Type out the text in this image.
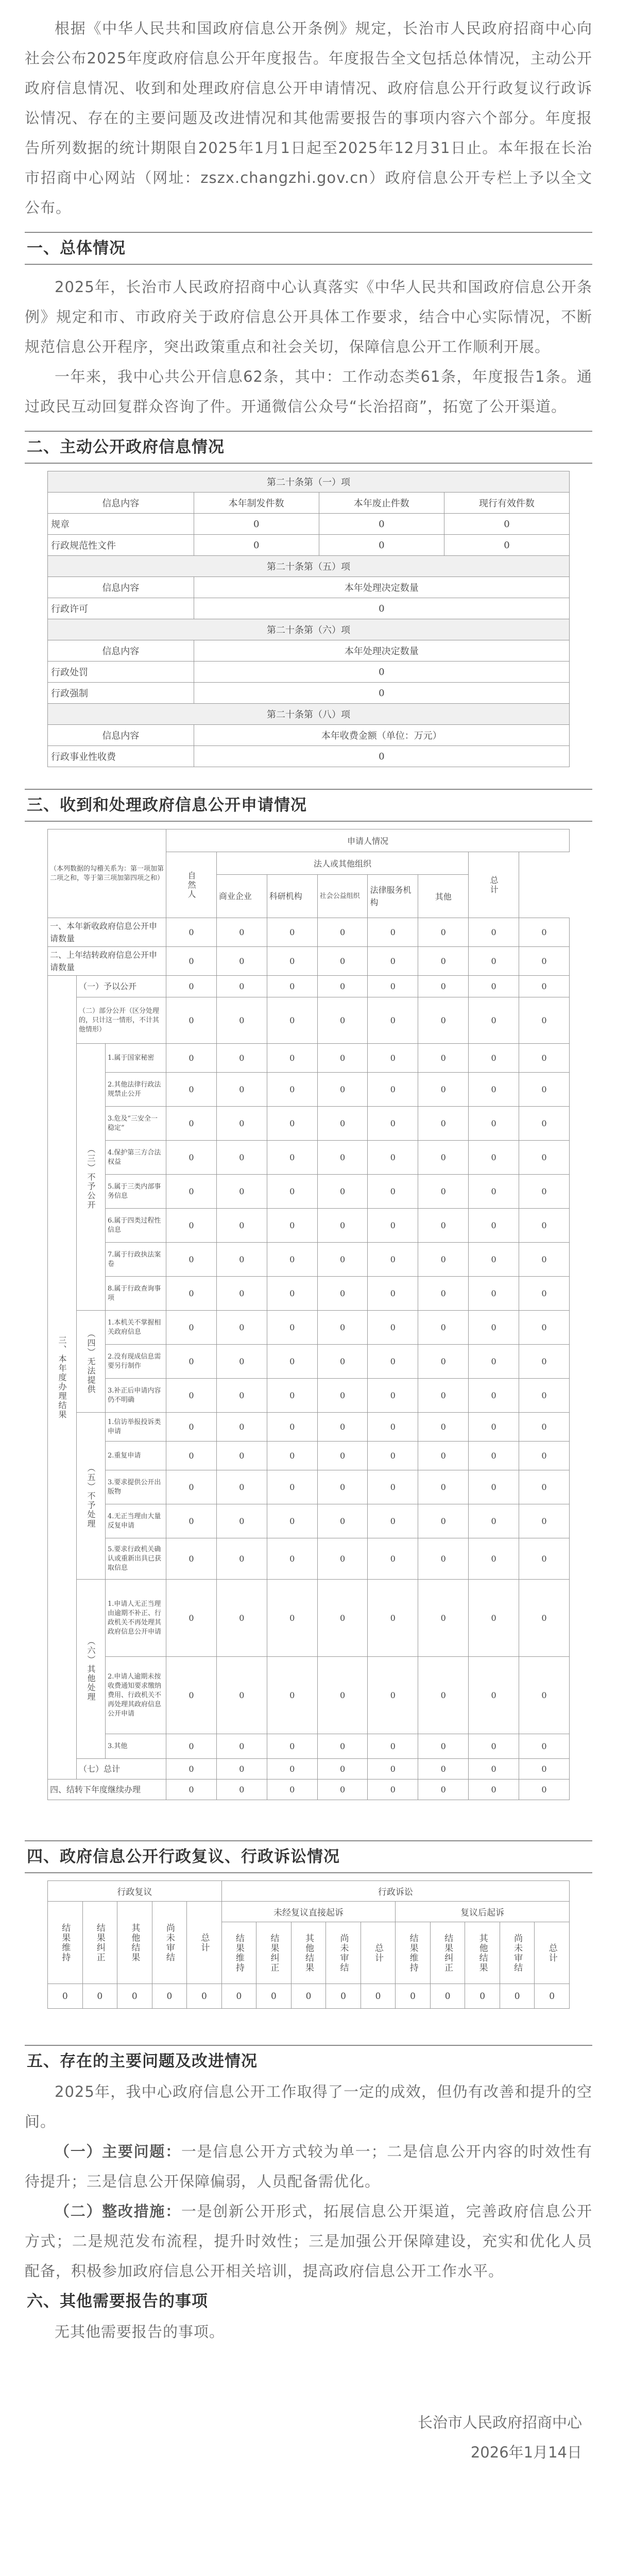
根据《中华人民共和国政府信息公开条例》规定，长治市人民政府招商中心向社会公布2025年度政府信息公开年度报告。年度报告全文包括总体情况，主动公开政府信息情况、收到和处理政府信息公开申请情况、政府信息公开行政复议行政诉讼情况、存在的主要问题及改进情况和其他需要报告的事项内容六个部分。年度报告所列数据的统计期限自2025年1月1日起至2025年12月31日止。本年报在长治市招商中心网站（网址：zszx.changzhi.gov.cn）政府信息公开专栏上予以全文公布。

一、总体情况

2025年，长治市人民政府招商中心认真落实《中华人民共和国政府信息公开条例》规定和市、市政府关于政府信息公开具体工作要求，结合中心实际情况，不断规范信息公开程序，突出政策重点和社会关切，保障信息公开工作顺利开展。

一年来，我中心共公开信息62条，其中：工作动态类61条，年度报告1条。通过政民互动回复群众咨询了件。开通微信公众号“长治招商”，拓宽了公开渠道。

二、主动公开政府信息情况

第二十条第（一）项			
信息内容	本年制发件数	本年废止件数	现行有效件数
规章	0	0	0
行政规范性文件	0	0	0
第二十条第（五）项			
信息内容	本年处理决定数量		
行政许可	0		
第二十条第（六）项			
信息内容	本年处理决定数量		
行政处罚	0		
行政强制	0		
第二十条第（八）项			
信息内容	本年收费金额（单位：万元）		
行政事业性收费	0		

三、收到和处理政府信息公开申请情况

（本列数据的勾稽关系为：第一项加第二项之和，等于第三项加第四项之和）			申请人情况							
			自然人	法人或其他组织					总计	
				商业企业	科研机构	社会公益组织	法律服务机构	其他		
一、本年新收政府信息公开申请数量			0	0	0	0	0	0	0	0
二、上年结转政府信息公开申请数量			0	0	0	0	0	0	0	0
三、本年度办理结果	（一）予以公开		0	0	0	0	0	0	0	0
	（二）部分公开（区分处理的，只计这一情形，不计其他情形）		0	0	0	0	0	0	0	0
	（三）不予公开	1.属于国家秘密	0	0	0	0	0	0	0	0
		2.其他法律行政法规禁止公开	0	0	0	0	0	0	0	0
		3.危及“三安全一稳定”	0	0	0	0	0	0	0	0
		4.保护第三方合法权益	0	0	0	0	0	0	0	0
		5.属于三类内部事务信息	0	0	0	0	0	0	0	0
		6.属于四类过程性信息	0	0	0	0	0	0	0	0
		7.属于行政执法案卷	0	0	0	0	0	0	0	0
		8.属于行政查询事项	0	0	0	0	0	0	0	0
	（四）无法提供	1.本机关不掌握相关政府信息	0	0	0	0	0	0	0	0
		2.没有现成信息需要另行制作	0	0	0	0	0	0	0	0
		3.补正后申请内容仍不明确	0	0	0	0	0	0	0	0
	（五）不予处理	1.信访举报投诉类申请	0	0	0	0	0	0	0	0
		2.重复申请	0	0	0	0	0	0	0	0
		3.要求提供公开出版物	0	0	0	0	0	0	0	0
		4.无正当理由大量反复申请	0	0	0	0	0	0	0	0
		5.要求行政机关确认或重新出具已获取信息	0	0	0	0	0	0	0	0
	（六）其他处理	1.申请人无正当理由逾期不补正、行政机关不再处理其政府信息公开申请	0	0	0	0	0	0	0	0
		2.申请人逾期未按收费通知要求缴纳费用、行政机关不再处理其政府信息公开申请	0	0	0	0	0	0	0	0
		3.其他	0	0	0	0	0	0	0	0
	（七）总计		0	0	0	0	0	0	0	0
四、结转下年度继续办理			0	0	0	0	0	0	0	0

四、政府信息公开行政复议、行政诉讼情况

行政复议					行政诉讼									
结果维持	结果纠正	其他结果	尚未审结	总计	未经复议直接起诉					复议后起诉				
					结果维持	结果纠正	其他结果	尚未审结	总计	结果维持	结果纠正	其他结果	尚未审结	总计
0	0	0	0	0	0	0	0	0	0	0	0	0	0	0

五、存在的主要问题及改进情况

2025年，我中心政府信息公开工作取得了一定的成效，但仍有改善和提升的空间。

（一）主要问题：一是信息公开方式较为单一；二是信息公开内容的时效性有待提升；三是信息公开保障偏弱，人员配备需优化。

（二）整改措施：一是创新公开形式，拓展信息公开渠道，完善政府信息公开方式；二是规范发布流程，提升时效性；三是加强公开保障建设，充实和优化人员配备，积极参加政府信息公开相关培训，提高政府信息公开工作水平。

六、其他需要报告的事项

无其他需要报告的事项。

长治市人民政府招商中心

2026年1月14日
